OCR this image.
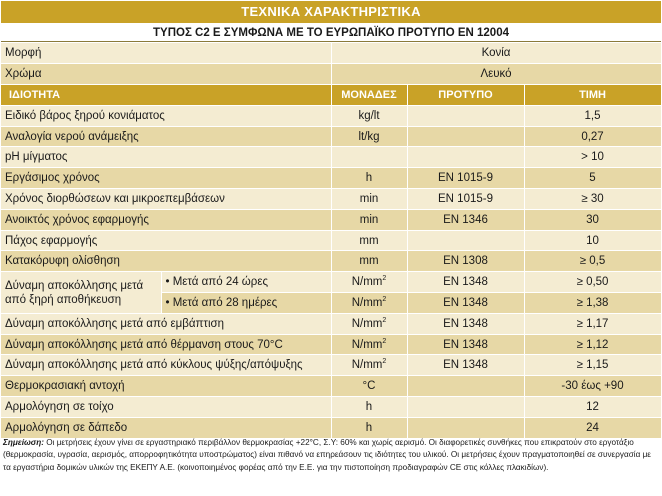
ΤΕΧΝΙΚΑ ΧΑΡΑΚΤΗΡΙΣΤΙΚΑ
ΤΥΠΟΣ C2 Ε ΣΥΜΦΩΝΑ ΜΕ ΤΟ ΕΥΡΩΠΑΪΚΟ ΠΡΟΤΥΠΟ ΕΝ 12004
Μορφή		Κονία		
Χρώμα		Λευκό		
ΙΔΙΟΤΗΤΑ		ΜΟΝΑΔΕΣ	ΠΡΟΤΥΠΟ	ΤΙΜΗ
Ειδικό βάρος ξηρού κονιάματος		kg/lt		1,5
Αναλογία νερού ανάμειξης		lt/kg		0,27
pH μίγματος				> 10
Εργάσιμος χρόνος		h	EN 1015-9	5
Χρόνος διορθώσεων και μικροεπεμβάσεων		min	EN 1015-9	≥ 30
Ανοικτός χρόνος εφαρμογής		min	EN 1346	30
Πάχος εφαρμογής		mm		10
Κατακόρυφη ολίσθηση		mm	EN 1308	≥ 0,5
Δύναμη αποκόλλησης μετά από ξηρή αποθήκευση	• Μετά από 24 ώρες	$N/mm^2$	EN 1348	≥ 0,50
	• Μετά από 28 ημέρες	$N/mm^2$	EN 1348	≥ 1,38
Δύναμη αποκόλλησης μετά από εμβάπτιση		$N/mm^2$	EN 1348	≥ 1,17
Δύναμη αποκόλλησης μετά από θέρμανση στους 70°C		$N/mm^2$	EN 1348	≥ 1,12
Δύναμη αποκόλλησης μετά από κύκλους ψύξης/απόψυξης		$N/mm^2$	EN 1348	≥ 1,15
Θερμοκρασιακή αντοχή		°C		-30 έως +90
Αρμολόγηση σε τοίχο		h		12
Αρμολόγηση σε δάπεδο		h		24
Σημείωση: Οι μετρήσεις έχουν γίνει σε εργαστηριακό περιβάλλον θερμοκρασίας +22°C, Σ.Υ: 60% και χωρίς αερισμό. Οι διαφορετικές συνθήκες που επικρατούν στο εργοτάξιο (θερμοκρασία, υγρασία, αερισμός, απορροφητικότητα υποστρώματος) είναι πιθανό να επηρεάσουν τις ιδιότητες του υλικού. Οι μετρήσεις έχουν πραγματοποιηθεί σε συνεργασία με τα εργαστήρια δομικών υλικών της ΕΚΕΠΥ Α.Ε. (κοινοποιημένος φορέας από την Ε.Ε. για την πιστοποίηση προδιαγραφών CE στις κόλλες πλακιδίων).
